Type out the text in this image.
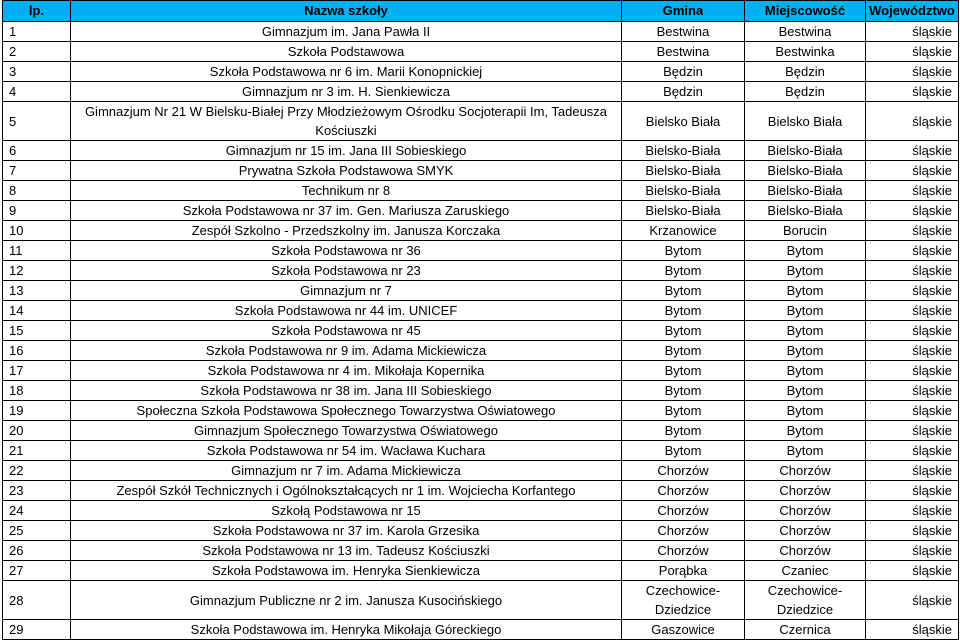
lp.	Nazwa szkoły	Gmina	Miejscowość	Województwo
1	Gimnazjum im. Jana Pawła II	Bestwina	Bestwina	śląskie
2	Szkoła Podstawowa	Bestwina	Bestwinka	śląskie
3	Szkoła Podstawowa nr 6 im. Marii Konopnickiej	Będzin	Będzin	śląskie
4	Gimnazjum nr 3 im. H. Sienkiewicza	Będzin	Będzin	śląskie
5	Gimnazjum Nr 21 W Bielsku-Białej Przy Młodzieżowym Ośrodku Socjoterapii Im, Tadeusza Kościuszki	Bielsko Biała	Bielsko Biała	śląskie
6	Gimnazjum nr 15 im. Jana III Sobieskiego	Bielsko-Biała	Bielsko-Biała	śląskie
7	Prywatna Szkoła Podstawowa SMYK	Bielsko-Biała	Bielsko-Biała	śląskie
8	Technikum nr 8	Bielsko-Biała	Bielsko-Biała	śląskie
9	Szkoła Podstawowa nr 37 im. Gen. Mariusza Zaruskiego	Bielsko-Biała	Bielsko-Biała	śląskie
10	Zespół Szkolno - Przedszkolny im. Janusza Korczaka	Krzanowice	Borucin	śląskie
11	Szkoła Podstawowa nr 36	Bytom	Bytom	śląskie
12	Szkoła Podstawowa nr 23	Bytom	Bytom	śląskie
13	Gimnazjum nr 7	Bytom	Bytom	śląskie
14	Szkoła Podstawowa nr 44 im. UNICEF	Bytom	Bytom	śląskie
15	Szkoła Podstawowa nr 45	Bytom	Bytom	śląskie
16	Szkoła Podstawowa nr 9 im. Adama Mickiewicza	Bytom	Bytom	śląskie
17	Szkoła Podstawowa nr 4 im. Mikołaja Kopernika	Bytom	Bytom	śląskie
18	Szkoła Podstawowa nr 38 im. Jana III Sobieskiego	Bytom	Bytom	śląskie
19	Społeczna Szkoła Podstawowa Społecznego Towarzystwa Oświatowego	Bytom	Bytom	śląskie
20	Gimnazjum Społecznego Towarzystwa Oświatowego	Bytom	Bytom	śląskie
21	Szkoła Podstawowa nr 54 im. Wacława Kuchara	Bytom	Bytom	śląskie
22	Gimnazjum nr 7 im. Adama Mickiewicza	Chorzów	Chorzów	śląskie
23	Zespół Szkół Technicznych i Ogólnokształcących nr 1 im. Wojciecha Korfantego	Chorzów	Chorzów	śląskie
24	Szkołą Podstawowa nr 15	Chorzów	Chorzów	śląskie
25	Szkoła Podstawowa nr 37 im. Karola Grzesika	Chorzów	Chorzów	śląskie
26	Szkoła Podstawowa nr 13 im. Tadeusz Kościuszki	Chorzów	Chorzów	śląskie
27	Szkoła Podstawowa im. Henryka Sienkiewicza	Porąbka	Czaniec	śląskie
28	Gimnazjum Publiczne nr 2 im. Janusza Kusocińskiego	Czechowice-Dziedzice	Czechowice-Dziedzice	śląskie
29	Szkoła Podstawowa im. Henryka Mikołaja Góreckiego	Gaszowice	Czernica	śląskie
